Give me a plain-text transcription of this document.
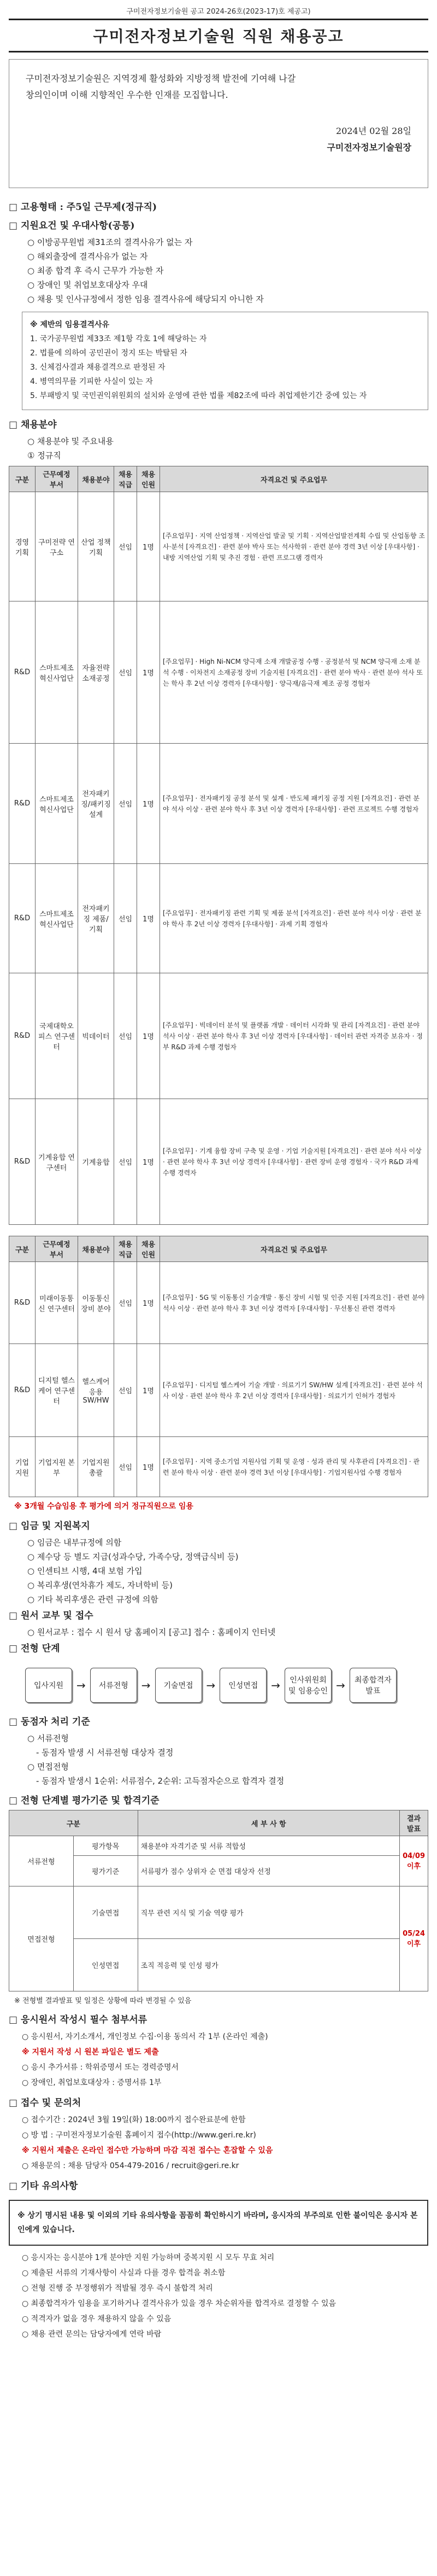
구미전자정보기술원 공고 2024-26호(2023-17)호 제공고)
구미전자정보기술원 직원 채용공고
구미전자정보기술원은 지역경제 활성화와 지방정책 발전에 기여해 나갈
창의인이며 이해 지향적인 우수한 인재를 모집합니다.
2024년 02월 28일
구미전자정보기술원장
□ 고용형태 : 주5일 근무제(정규직)
□ 지원요건 및 우대사항(공통)
○ 이방공무원법 제31조의 결격사유가 없는 자
○ 해외출장에 결격사유가 없는 자
○ 최종 합격 후 즉시 근무가 가능한 자
○ 장애인 및 취업보호대상자 우대
○ 채용 및 인사규정에서 정한 임용 결격사유에 해당되지 아니한 자
※ 제반의 임용결격사유
1. 국가공무원법 제33조 제1항 각호 1에 해당하는 자
2. 법률에 의하여 공민권이 정지 또는 박탈된 자
3. 신체검사결과 채용결격으로 판정된 자
4. 병역의무를 기피한 사실이 있는 자
5. 부패방지 및 국민권익위원회의 설치와 운영에 관한 법률 제82조에 따라 취업제한기간 중에 있는 자
□ 채용분야
○ 채용분야 및 주요내용
① 정규직
구분	근무예정 부서	채용분야	채용 직급	채용 인원	자격요건 및 주요업무
경영 기획	구미전략 연구소	산업 정책 기획	선임	1명	[주요업무] · 지역 산업정책 · 지역산업 발굴 및 기획 · 지역산업발전계획 수립 및 산업동향 조사·분석 [자격요건] · 관련 분야 박사 또는 석사학위 · 관련 분야 경력 3년 이상 [우대사항] · 내방 지역산업 기획 및 추진 경험 · 관련 프로그램 경력자
R&D	스마트제조 혁신사업단	자율전략 소재공정	선임	1명	[주요업무] · High Ni-NCM 양극재 소재 개발공정 수행 · 공정분석 및 NCM 양극재 소재 분석 수행 · 이차전지 소재공정 장비 기술지원 [자격요건] · 관련 분야 박사 · 관련 분야 석사 또는 학사 후 2년 이상 경력자 [우대사항] · 양극재/음극재 제조 공정 경험자
R&D	스마트제조 혁신사업단	전자패키징/패키징 설계	선임	1명	[주요업무] · 전자패키징 공정 분석 및 설계 · 반도체 패키징 공정 지원 [자격요건] · 관련 분야 석사 이상 · 관련 분야 학사 후 3년 이상 경력자 [우대사항] · 관련 프로젝트 수행 경험자
R&D	스마트제조 혁신사업단	전자패키징 제품/기획	선임	1명	[주요업무] · 전자패키징 관련 기획 및 제품 분석 [자격요건] · 관련 분야 석사 이상 · 관련 분야 학사 후 2년 이상 경력자 [우대사항] · 과제 기획 경험자
R&D	국제대학오피스 연구센터	빅데이터	선임	1명	[주요업무] · 빅데이터 분석 및 플랫폼 개발 · 데이터 시각화 및 관리 [자격요건] · 관련 분야 석사 이상 · 관련 분야 학사 후 3년 이상 경력자 [우대사항] · 데이터 관련 자격증 보유자 · 정부 R&D 과제 수행 경험자
R&D	기계융합 연구센터	기계융합	선임	1명	[주요업무] · 기계 융합 장비 구축 및 운영 · 기업 기술지원 [자격요건] · 관련 분야 석사 이상 · 관련 분야 학사 후 3년 이상 경력자 [우대사항] · 관련 장비 운영 경험자 · 국가 R&D 과제 수행 경력자
구분	근무예정 부서	채용분야	채용 직급	채용 인원	자격요건 및 주요업무
R&D	미래이동통신 연구센터	이동통신 장비 분야	선임	1명	[주요업무] · 5G 및 이동통신 기술개발 · 통신 장비 시험 및 인증 지원 [자격요건] · 관련 분야 석사 이상 · 관련 분야 학사 후 3년 이상 경력자 [우대사항] · 무선통신 관련 경력자
R&D	디지털 헬스케어 연구센터	헬스케어 응용 SW/HW	선임	1명	[주요업무] · 디지털 헬스케어 기술 개발 · 의료기기 SW/HW 설계 [자격요건] · 관련 분야 석사 이상 · 관련 분야 학사 후 2년 이상 경력자 [우대사항] · 의료기기 인허가 경험자
기업 지원	기업지원 본부	기업지원 총괄	선임	1명	[주요업무] · 지역 중소기업 지원사업 기획 및 운영 · 성과 관리 및 사후관리 [자격요건] · 관련 분야 학사 이상 · 관련 분야 경력 3년 이상 [우대사항] · 기업지원사업 수행 경험자
※ 3개월 수습임용 후 평가에 의거 정규직원으로 임용
□ 임금 및 지원복지
○ 임금은 내부규정에 의함
○ 제수당 등 별도 지급(성과수당, 가족수당, 정액급식비 등)
○ 인센티브 시행, 4대 보험 가입
○ 복리후생(연차휴가 제도, 자녀학비 등)
○ 기타 복리후생은 관련 규정에 의함
□ 원서 교부 및 접수
○ 원서교부 : 접수 시 원서 당 홈페이지 [공고] 접수 : 홈페이지 인터넷
□ 전형 단계
입사지원	→	서류전형	→	기술면접	→	인성면접	→	인사위원회 및 임용승인 →	최종합격자 발표
□ 동점자 처리 기준
○ 서류전형
- 동점자 발생 시 서류전형 대상자 결정
○ 면접전형
- 동점자 발생시 1순위: 서류점수, 2순위: 고득점자순으로 합격자 결정
□ 전형 단계별 평가기준 및 합격기준
구분		세 부 사 항	결과 발표
서류전형	평가항목	채용분야 자격기준 및 서류 적합성	04/09 이후
	평가기준	서류평가 점수 상위자 순 면접 대상자 선정	
면접전형	기술면접	직무 관련 지식 및 기술 역량 평가	05/24 이후
	인성면접	조직 적응력 및 인성 평가	
※ 전형별 결과발표 및 일정은 상황에 따라 변경될 수 있음
□ 응시원서 작성시 필수 첨부서류
○ 응시원서, 자기소개서, 개인정보 수집·이용 동의서 각 1부 (온라인 제출)
※ 지원서 작성 시 원본 파일은 별도 제출
○ 응시 추가서류 : 학위증명서 또는 경력증명서
○ 장애인, 취업보호대상자 : 증명서류 1부
□ 접수 및 문의처
○ 접수기간 : 2024년 3월 19일(화) 18:00까지 접수완료분에 한함
○ 방 법 : 구미전자정보기술원 홈페이지 접수(http://www.geri.re.kr)
※ 지원서 제출은 온라인 접수만 가능하며 마감 직전 접수는 혼잡할 수 있음
○ 채용문의 : 채용 담당자 054-479-2016 / recruit@geri.re.kr
□ 기타 유의사항
※ 상기 명시된 내용 및 이외의 기타 유의사항을 꼼꼼히 확인하시기 바라며, 응시자의 부주의로 인한 불이익은 응시자 본인에게 있습니다.
○ 응시자는 응시분야 1개 분야만 지원 가능하며 중복지원 시 모두 무효 처리
○ 제출된 서류의 기재사항이 사실과 다를 경우 합격을 취소함
○ 전형 진행 중 부정행위가 적발될 경우 즉시 불합격 처리
○ 최종합격자가 임용을 포기하거나 결격사유가 있을 경우 차순위자를 합격자로 결정할 수 있음
○ 적격자가 없을 경우 채용하지 않을 수 있음
○ 채용 관련 문의는 담당자에게 연락 바람
